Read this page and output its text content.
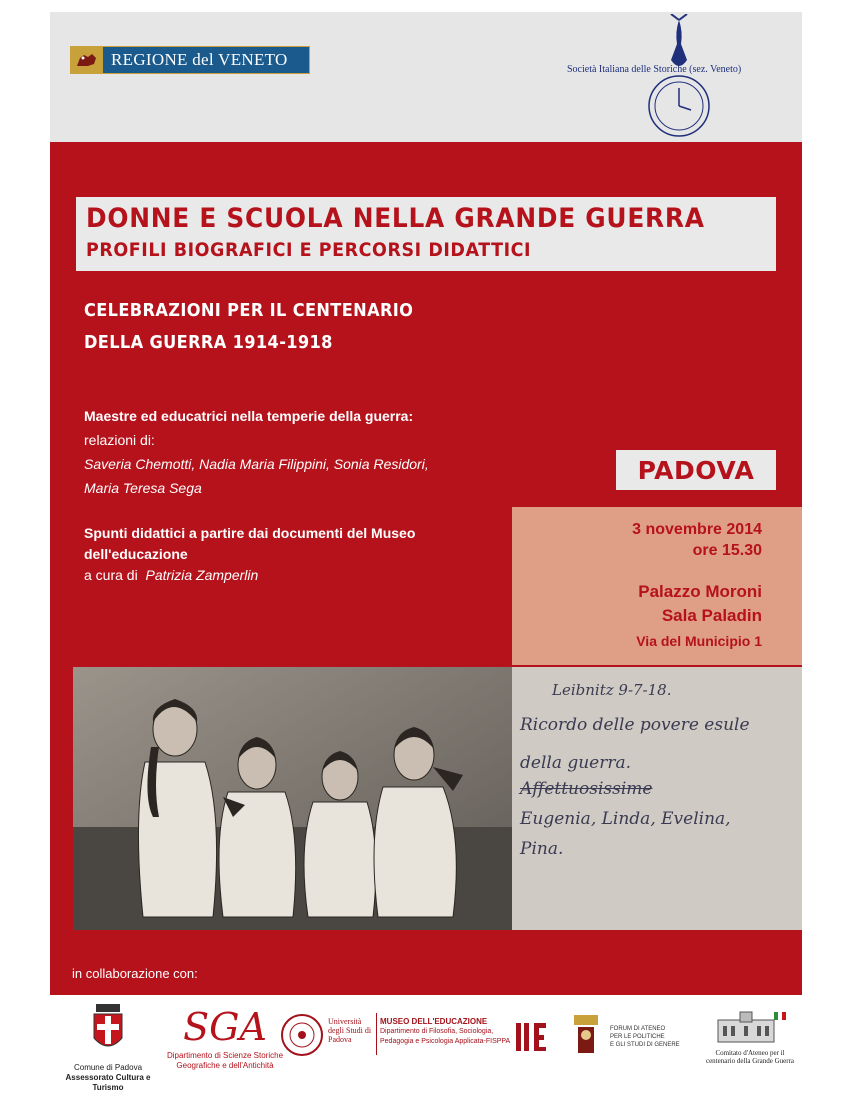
REGIONE del VENETO
Società Italiana delle Storiche (sez. Veneto)
DONNE E SCUOLA NELLA GRANDE GUERRA
PROFILI BIOGRAFICI E PERCORSI DIDATTICI
CELEBRAZIONI PER IL CENTENARIO
DELLA GUERRA 1914-1918
Maestre ed educatrici nella temperie della guerra:
relazioni di:
Saveria Chemotti, Nadia Maria Filippini, Sonia Residori,
Maria Teresa Sega
Spunti didattici a partire dai documenti del Museo
dell'educazione
a cura di Patrizia Zamperlin
PADOVA
3 novembre 2014
ore 15.30
Palazzo Moroni
Sala Paladin
Via del Municipio 1
Leibnitz 9-7-18.
Ricordo delle povere esule
della guerra.
Affettuosissime
Eugenia, Linda, Evelina,
Pina.
in collaborazione con:
Comune di Padova
Assessorato Cultura e Turismo
SGA
Dipartimento di Scienze Storiche
Geografiche e dell'Antichità
Università degli Studi di Padova
MUSEO DELL'EDUCAZIONE
Dipartimento di Filosofia, Sociologia,
Pedagogia e Psicologia Applicata-FISPPA
FORUM DI ATENEO
PER LE POLITICHE
E GLI STUDI DI GENERE
Comitato d'Ateneo per il
centenario della Grande Guerra
